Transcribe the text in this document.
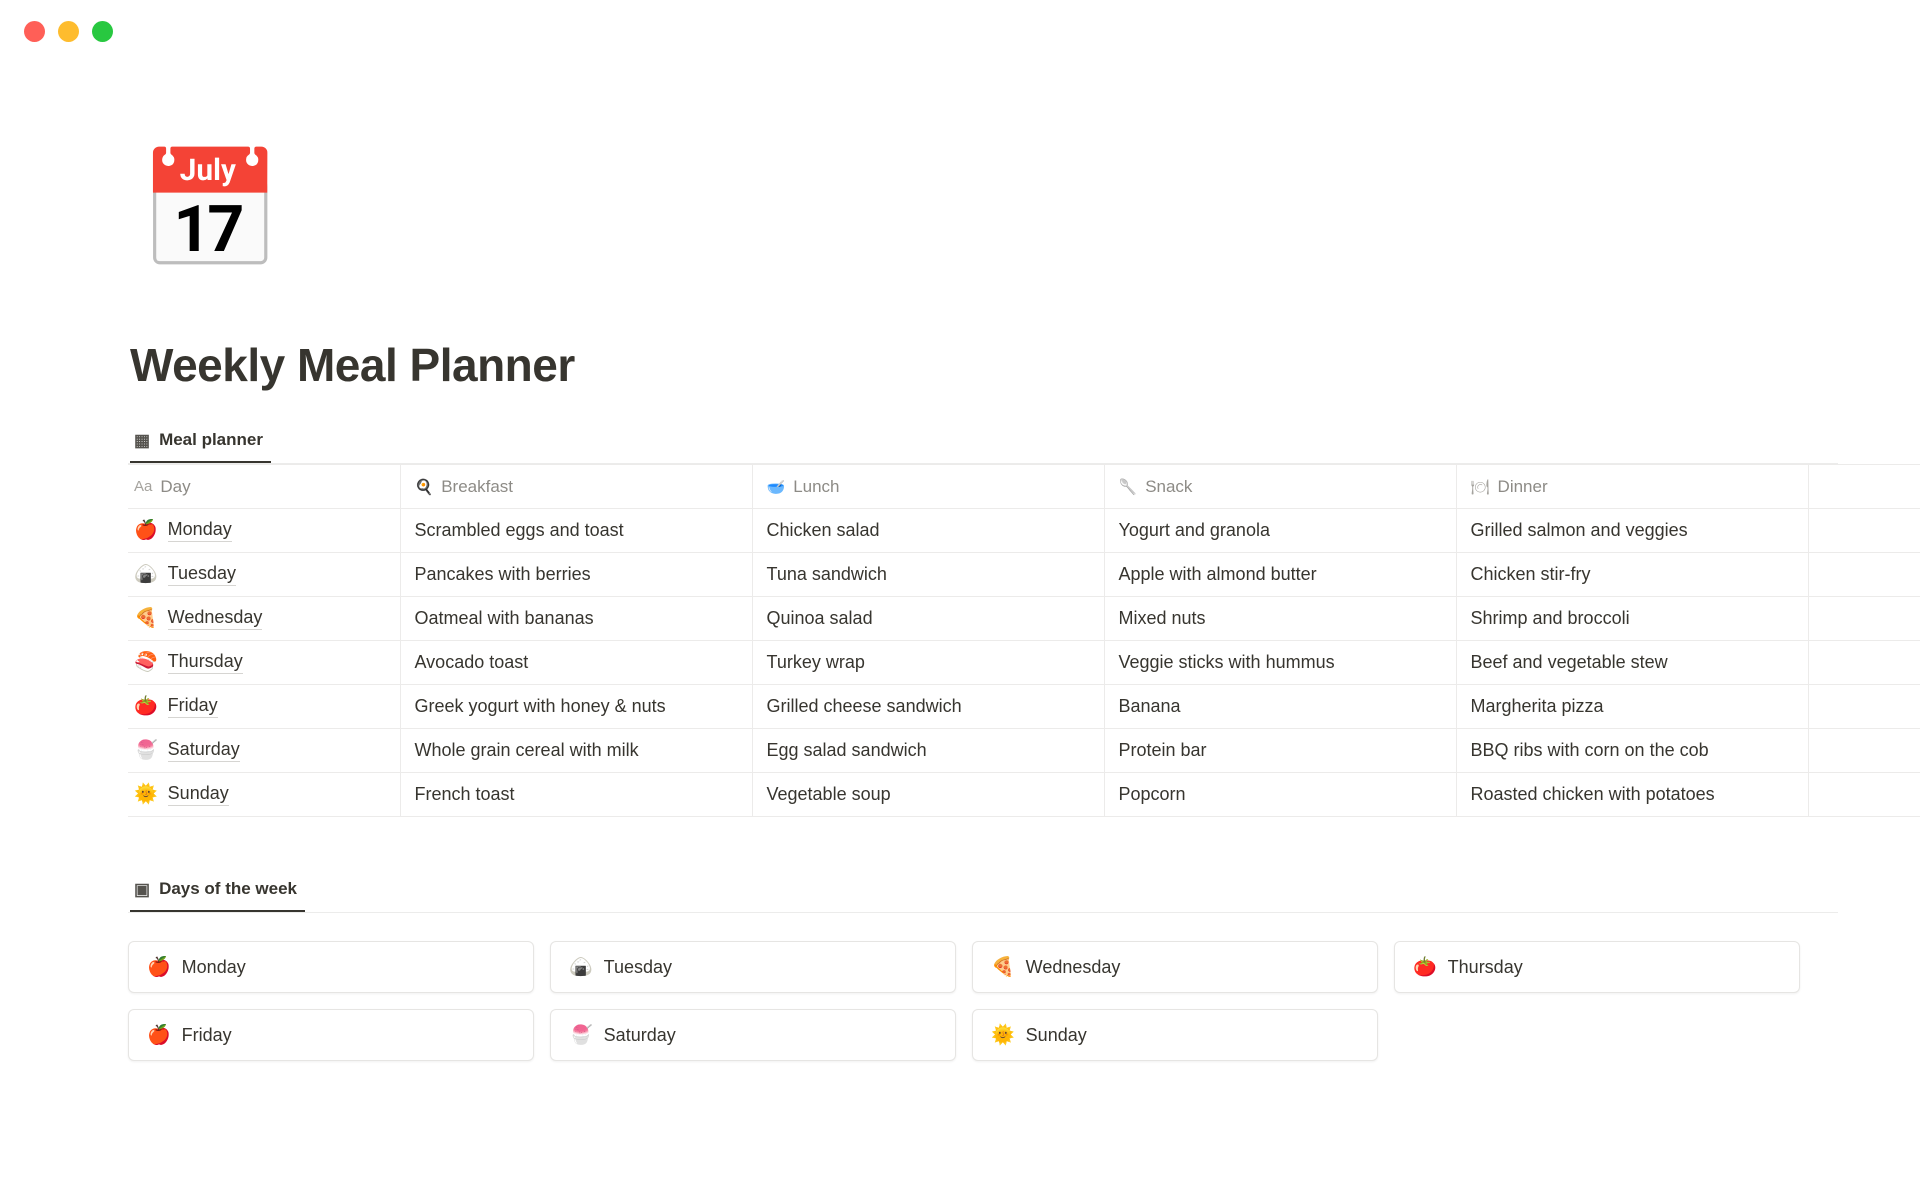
📅
Weekly Meal Planner
▦ Meal planner
Aa Day	🍳 Breakfast	🥣 Lunch	🥄 Snack	🍽 Dinner	

🍎 Monday	Scrambled eggs and toast	Chicken salad	Yogurt and granola	Grilled salmon and veggies	

🍙 Tuesday	Pancakes with berries	Tuna sandwich	Apple with almond butter	Chicken stir-fry	

🍕 Wednesday	Oatmeal with bananas	Quinoa salad	Mixed nuts	Shrimp and broccoli	

🍣 Thursday	Avocado toast	Turkey wrap	Veggie sticks with hummus	Beef and vegetable stew	

🍅 Friday	Greek yogurt with honey & nuts	Grilled cheese sandwich	Banana	Margherita pizza	

🍧 Saturday	Whole grain cereal with milk	Egg salad sandwich	Protein bar	BBQ ribs with corn on the cob	

🌞 Sunday	French toast	Vegetable soup	Popcorn	Roasted chicken with potatoes	
▣ Days of the week
🍎 Monday	🍙 Tuesday	🍕 Wednesday	🍅 Thursday
🍎 Friday	🍧 Saturday	🌞 Sunday
